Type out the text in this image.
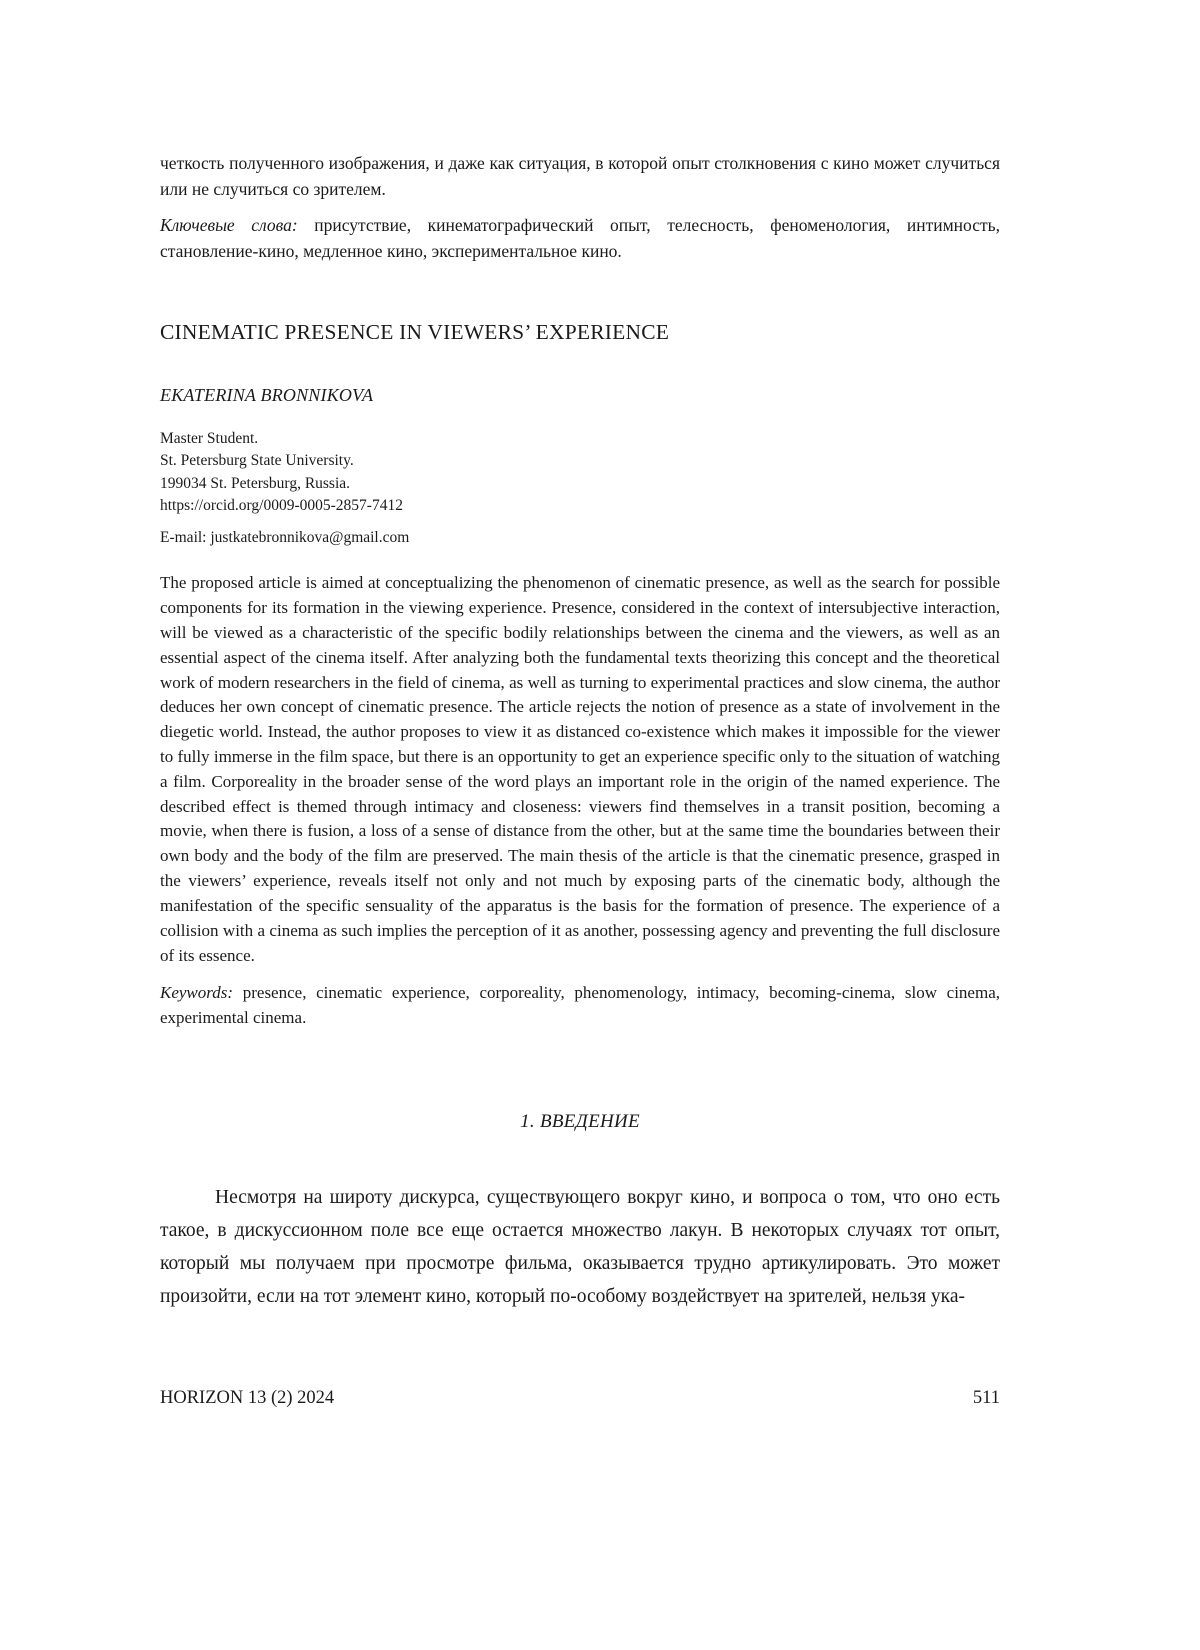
четкость полученного изображения, и даже как ситуация, в которой опыт столкновения с кино может случиться или не случиться со зрителем.

Ключевые слова: присутствие, кинематографический опыт, телесность, феноменология, интимность, становление-кино, медленное кино, экспериментальное кино.

CINEMATIC PRESENCE IN VIEWERS’ EXPERIENCE
EKATERINA BRONNIKOVA
Master Student.
St. Petersburg State University.
199034 St. Petersburg, Russia.
https://orcid.org/0009-0005-2857-7412
E-mail: justkatebronnikova@gmail.com

The proposed article is aimed at conceptualizing the phenomenon of cinematic presence, as well as the search for possible components for its formation in the viewing experience. Presence, considered in the context of intersubjective interaction, will be viewed as a characteristic of the specific bodily relationships between the cinema and the viewers, as well as an essential aspect of the cinema itself. After analyzing both the fundamental texts theorizing this concept and the theoretical work of modern researchers in the field of cinema, as well as turning to experimental practices and slow cinema, the author deduces her own concept of cinematic presence. The article rejects the notion of presence as a state of involvement in the diegetic world. Instead, the author proposes to view it as distanced co-existence which makes it impossible for the viewer to fully immerse in the film space, but there is an opportunity to get an experience specific only to the situation of watching a film. Corporeality in the broader sense of the word plays an important role in the origin of the named experience. The described effect is themed through intimacy and closeness: viewers find themselves in a transit position, becoming a movie, when there is fusion, a loss of a sense of distance from the other, but at the same time the boundaries between their own body and the body of the film are preserved. The main thesis of the article is that the cinematic presence, grasped in the viewers’ experience, reveals itself not only and not much by exposing parts of the cinematic body, although the manifestation of the specific sensuality of the apparatus is the basis for the formation of presence. The experience of a collision with a cinema as such implies the perception of it as another, possessing agency and preventing the full disclosure of its essence.

Keywords: presence, cinematic experience, corporeality, phenomenology, intimacy, becoming-cinema, slow cinema, experimental cinema.

1. ВВЕДЕНИЕ

Несмотря на широту дискурса, существующего вокруг кино, и вопроса о том, что оно есть такое, в дискуссионном поле все еще остается множество лакун. В некоторых случаях тот опыт, который мы получаем при просмотре фильма, оказывается трудно артикулировать. Это может произойти, если на тот элемент кино, который по-особому воздействует на зрителей, нельзя ука-

HORIZON 13 (2) 2024	511
